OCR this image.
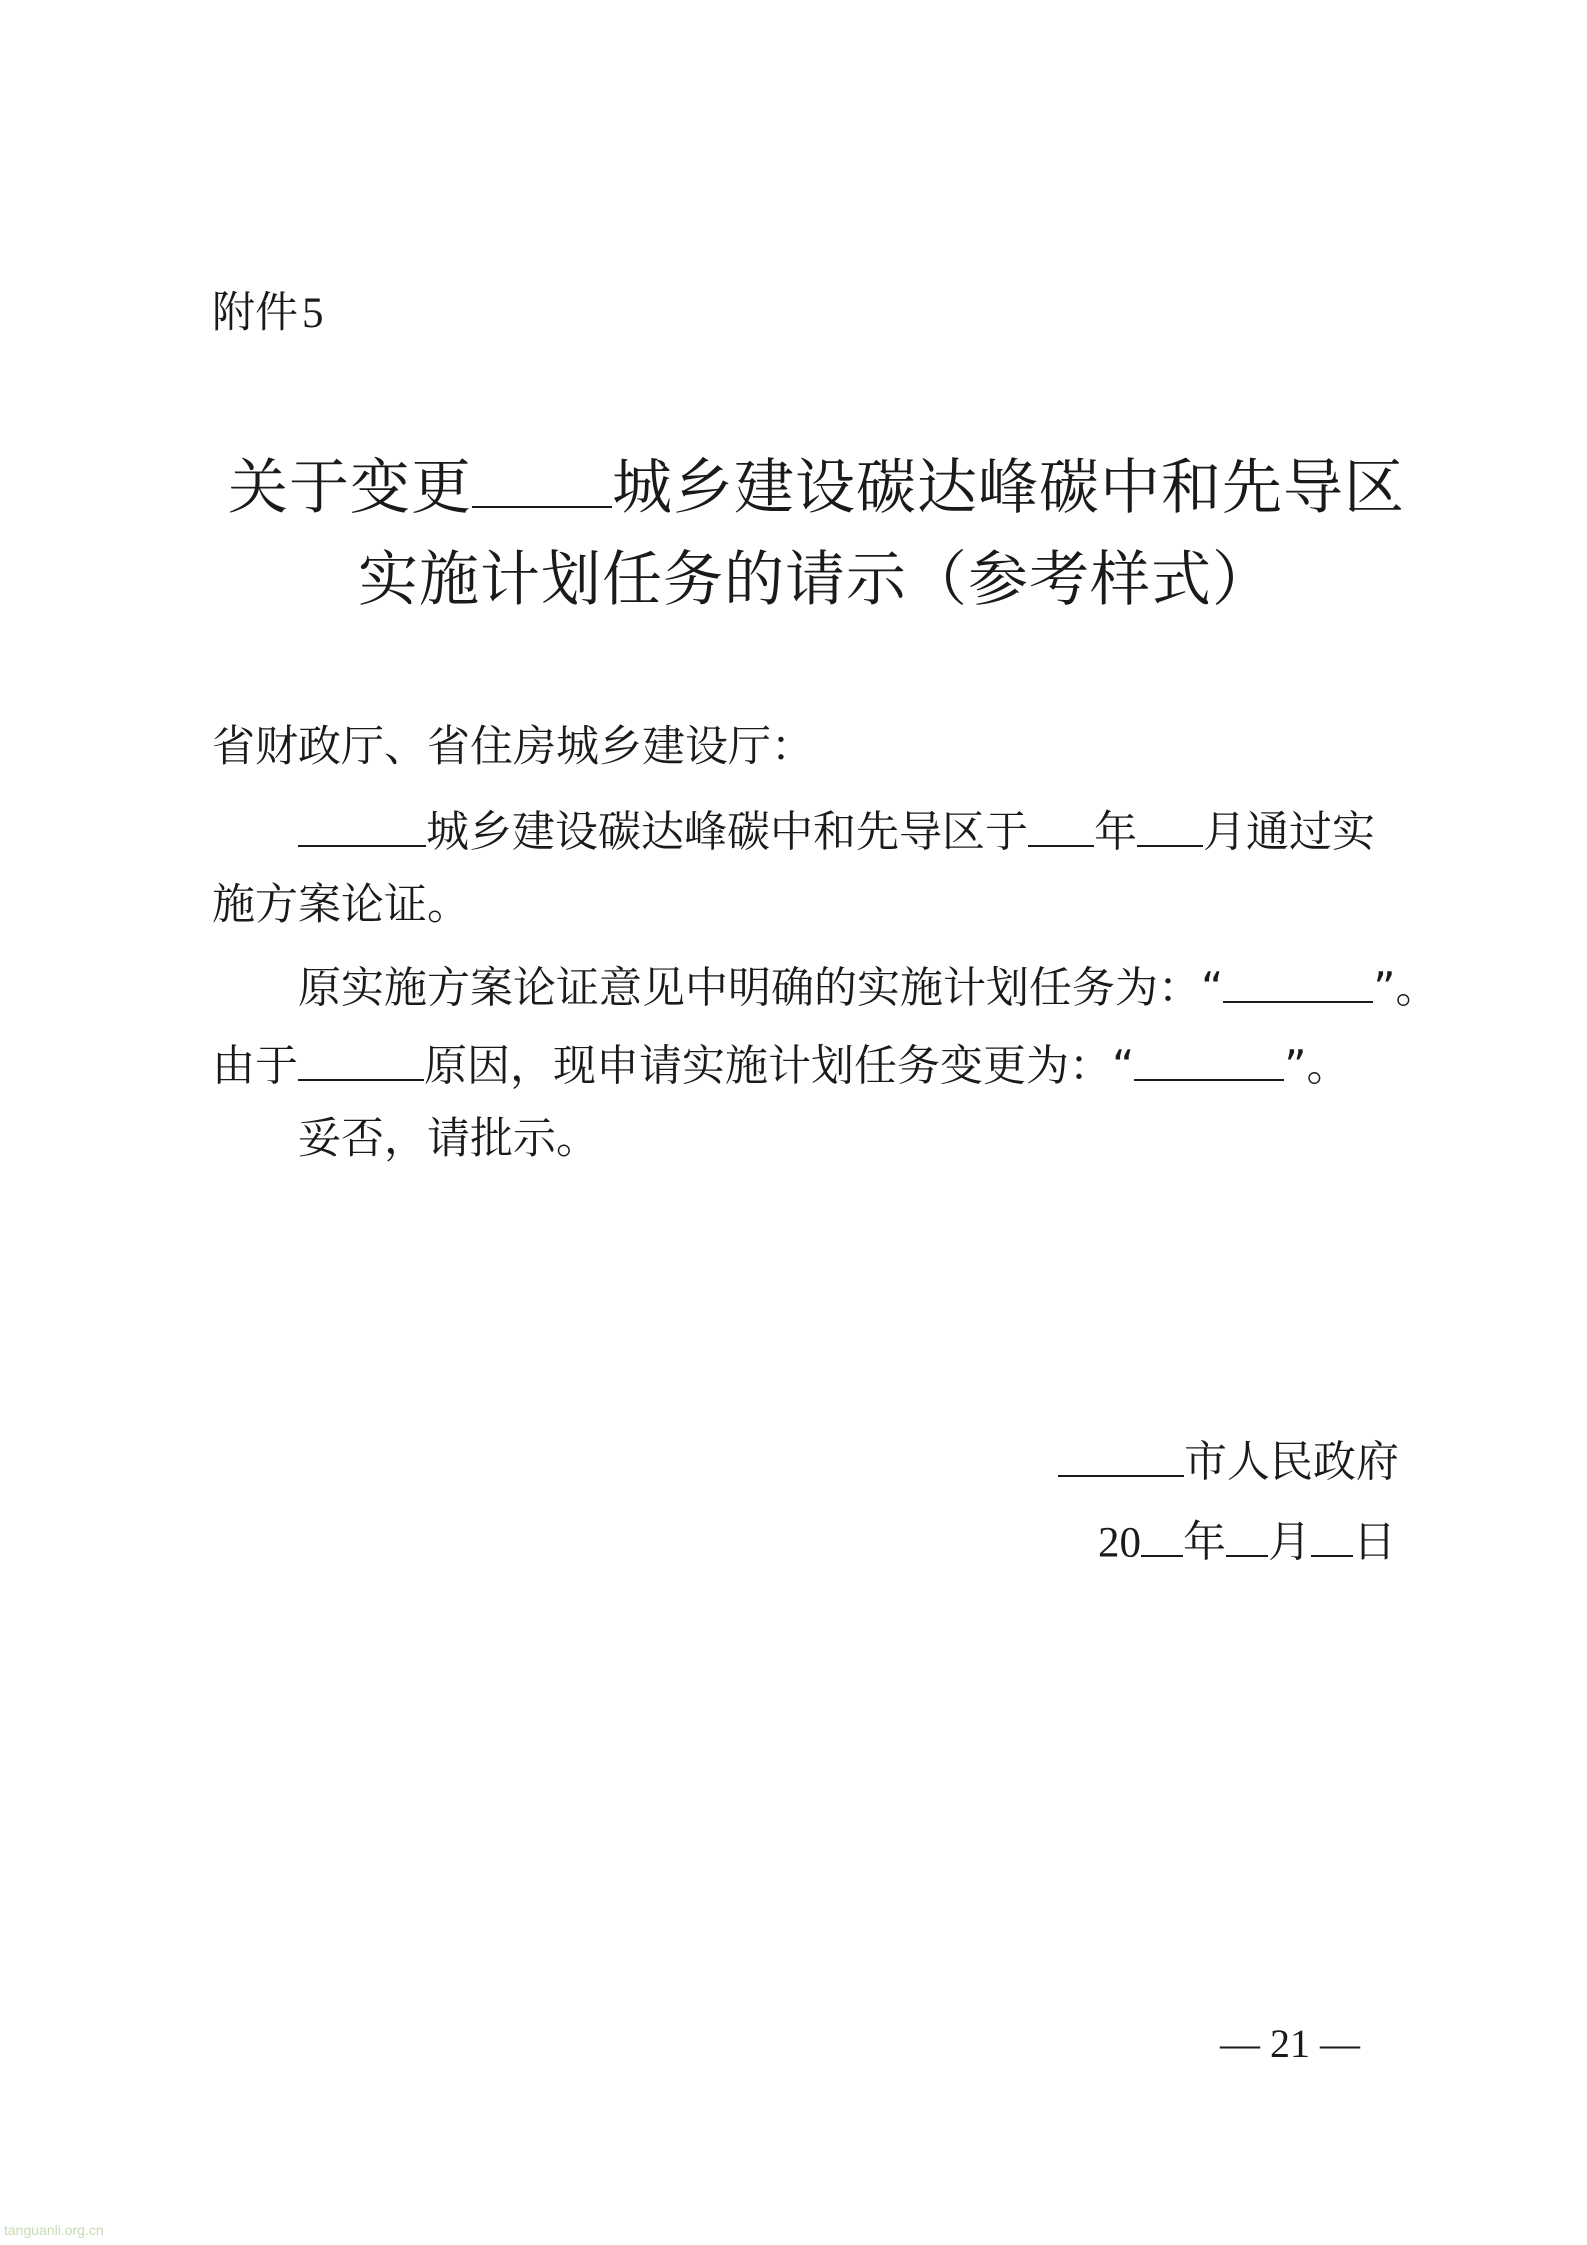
附件5
关于变更 城乡建设碳达峰碳中和先导区
实施计划任务的请示（参考样式）
省财政厅、省住房城乡建设厅：
城乡建设碳达峰碳中和先导区于 年 月通过实
施方案论证。
原实施方案论证意见中明确的实施计划任务为：“	”。
由于	原因，现申请实施计划任务变更为：“	”。
妥否，请批示。
市人民政府
20 年 月 日
— 21 —
tanguanli.org.cn
